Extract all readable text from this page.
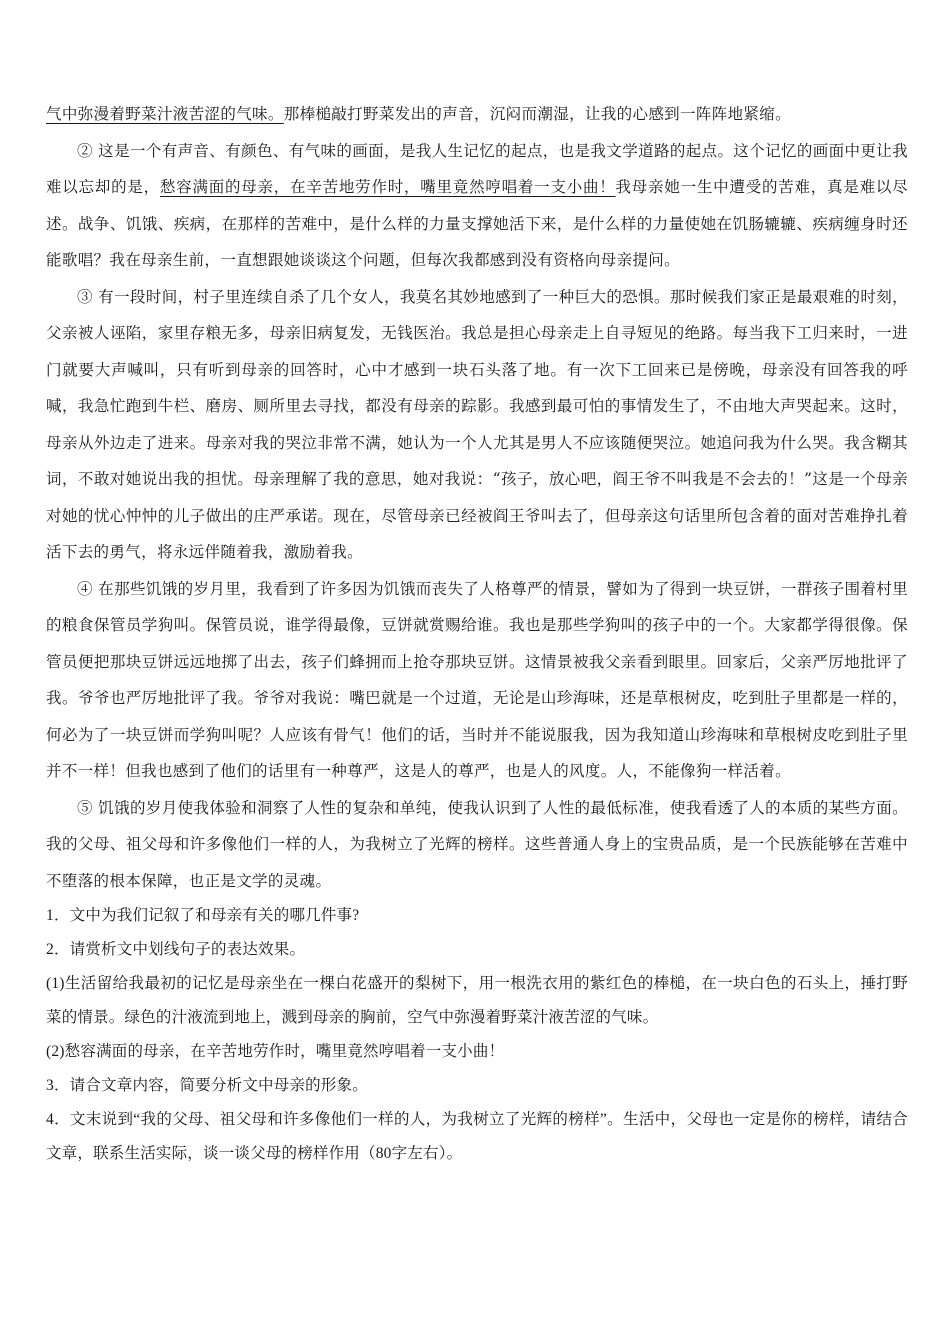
气中弥漫着野菜汁液苦涩的气味。那棒槌敲打野菜发出的声音，沉闷而潮湿，让我的心感到一阵阵地紧缩。

② 这是一个有声音、有颜色、有气味的画面，是我人生记忆的起点，也是我文学道路的起点。这个记忆的画面中更让我难以忘却的是，愁容满面的母亲，在辛苦地劳作时，嘴里竟然哼唱着一支小曲！我母亲她一生中遭受的苦难，真是难以尽述。战争、饥饿、疾病，在那样的苦难中，是什么样的力量支撑她活下来，是什么样的力量使她在饥肠辘辘、疾病缠身时还能歌唱？我在母亲生前，一直想跟她谈谈这个问题，但每次我都感到没有资格向母亲提问。

③ 有一段时间，村子里连续自杀了几个女人，我莫名其妙地感到了一种巨大的恐惧。那时候我们家正是最艰难的时刻，父亲被人诬陷，家里存粮无多，母亲旧病复发，无钱医治。我总是担心母亲走上自寻短见的绝路。每当我下工归来时，一进门就要大声喊叫，只有听到母亲的回答时，心中才感到一块石头落了地。有一次下工回来已是傍晚，母亲没有回答我的呼喊，我急忙跑到牛栏、磨房、厕所里去寻找，都没有母亲的踪影。我感到最可怕的事情发生了，不由地大声哭起来。这时，母亲从外边走了进来。母亲对我的哭泣非常不满，她认为一个人尤其是男人不应该随便哭泣。她追问我为什么哭。我含糊其词，不敢对她说出我的担忧。母亲理解了我的意思，她对我说：“孩子，放心吧，阎王爷不叫我是不会去的！”这是一个母亲对她的忧心忡忡的儿子做出的庄严承诺。现在，尽管母亲已经被阎王爷叫去了，但母亲这句话里所包含着的面对苦难挣扎着活下去的勇气，将永远伴随着我，激励着我。

④ 在那些饥饿的岁月里，我看到了许多因为饥饿而丧失了人格尊严的情景，譬如为了得到一块豆饼，一群孩子围着村里的粮食保管员学狗叫。保管员说，谁学得最像，豆饼就赏赐给谁。我也是那些学狗叫的孩子中的一个。大家都学得很像。保管员便把那块豆饼远远地掷了出去，孩子们蜂拥而上抢夺那块豆饼。这情景被我父亲看到眼里。回家后，父亲严厉地批评了我。爷爷也严厉地批评了我。爷爷对我说：嘴巴就是一个过道，无论是山珍海味，还是草根树皮，吃到肚子里都是一样的，何必为了一块豆饼而学狗叫呢？人应该有骨气！他们的话，当时并不能说服我，因为我知道山珍海味和草根树皮吃到肚子里并不一样！但我也感到了他们的话里有一种尊严，这是人的尊严，也是人的风度。人，不能像狗一样活着。

⑤ 饥饿的岁月使我体验和洞察了人性的复杂和单纯，使我认识到了人性的最低标准，使我看透了人的本质的某些方面。我的父母、祖父母和许多像他们一样的人，为我树立了光辉的榜样。这些普通人身上的宝贵品质，是一个民族能够在苦难中不堕落的根本保障，也正是文学的灵魂。

1．文中为我们记叙了和母亲有关的哪几件事?

2．请赏析文中划线句子的表达效果。

(1)生活留给我最初的记忆是母亲坐在一棵白花盛开的梨树下，用一根洗衣用的紫红色的棒槌，在一块白色的石头上，捶打野菜的情景。绿色的汁液流到地上，溅到母亲的胸前，空气中弥漫着野菜汁液苦涩的气味。

(2)愁容满面的母亲，在辛苦地劳作时，嘴里竟然哼唱着一支小曲！

3．请合文章内容，简要分析文中母亲的形象。

4．文末说到“我的父母、祖父母和许多像他们一样的人，为我树立了光辉的榜样”。生活中，父母也一定是你的榜样，请结合文章，联系生活实际，谈一谈父母的榜样作用（80字左右）。
